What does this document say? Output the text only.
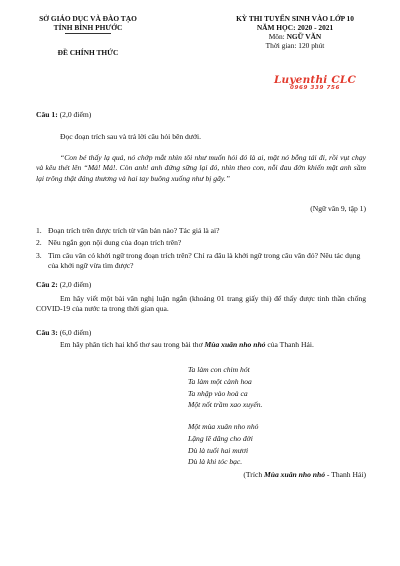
SỞ GIÁO DỤC VÀ ĐÀO TẠO
TỈNH BÌNH PHƯỚC
ĐỀ CHÍNH THỨC
KỲ THI TUYỂN SINH VÀO LỚP 10
NĂM HỌC: 2020 - 2021
Môn: NGỮ VĂN
Thời gian: 120 phút
Luyenthi CLC
0969 339 756
Câu 1: (2,0 điểm)
Đọc đoạn trích sau và trả lời câu hỏi bên dưới.
“Con bé thấy lạ quá, nó chớp mắt nhìn tôi như muốn hỏi đó là ai, mặt nó bỗng tái đi, rồi vụt chạy và kêu thét lên “Má! Má!. Còn anh! anh đứng sững lại đó, nhìn theo con, nỗi đau đớn khiến mặt anh sầm lại trông thật đáng thương và hai tay buông xuống như bị gãy.”
(Ngữ văn 9, tập 1)
1. Đoạn trích trên được trích từ văn bản nào? Tác giả là ai?
2. Nêu ngắn gọn nội dung của đoạn trích trên?
3. Tìm câu văn có khởi ngữ trong đoạn trích trên? Chỉ ra đâu là khởi ngữ trong câu văn đó? Nêu tác dụng của khởi ngữ vừa tìm được?
Câu 2: (2,0 điểm)
Em hãy viết một bài văn nghị luận ngắn (khoảng 01 trang giấy thi) để thấy được tinh thần chống COVID-19 của nước ta trong thời gian qua.
Câu 3: (6,0 điểm)
Em hãy phân tích hai khổ thơ sau trong bài thơ Mùa xuân nho nhỏ của Thanh Hải.
Ta làm con chim hót
Ta làm một cành hoa
Ta nhập vào hoà ca
Một nốt trầm xao xuyến.
Một mùa xuân nho nhỏ
Lặng lẽ dâng cho đời
Dù là tuổi hai mươi
Dù là khi tóc bạc.
(Trích Mùa xuân nho nhỏ - Thanh Hải)
